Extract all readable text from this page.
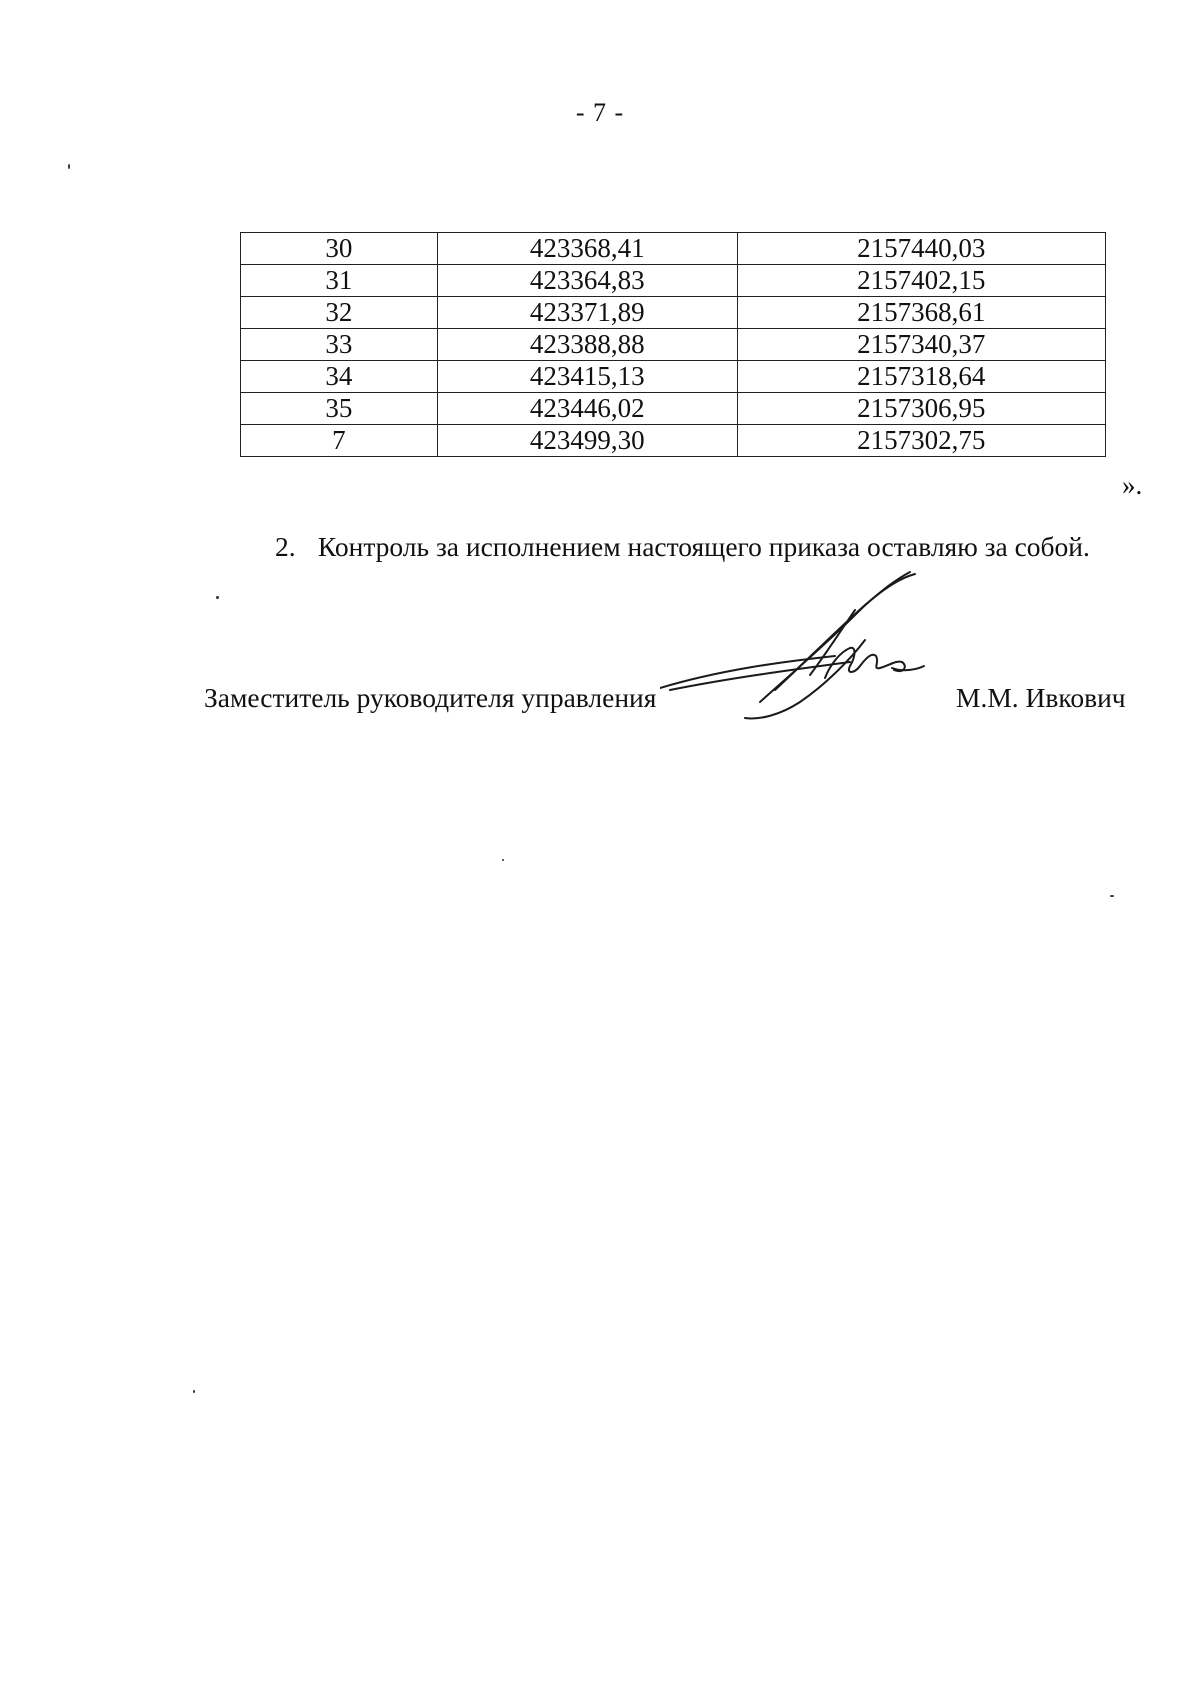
- 7 -
30	423368,41	2157440,03
31	423364,83	2157402,15
32	423371,89	2157368,61
33	423388,88	2157340,37
34	423415,13	2157318,64
35	423446,02	2157306,95
7	423499,30	2157302,75
».
2. Контроль за исполнением настоящего приказа оставляю за собой.
Заместитель руководителя управления	М.М. Ивкович
